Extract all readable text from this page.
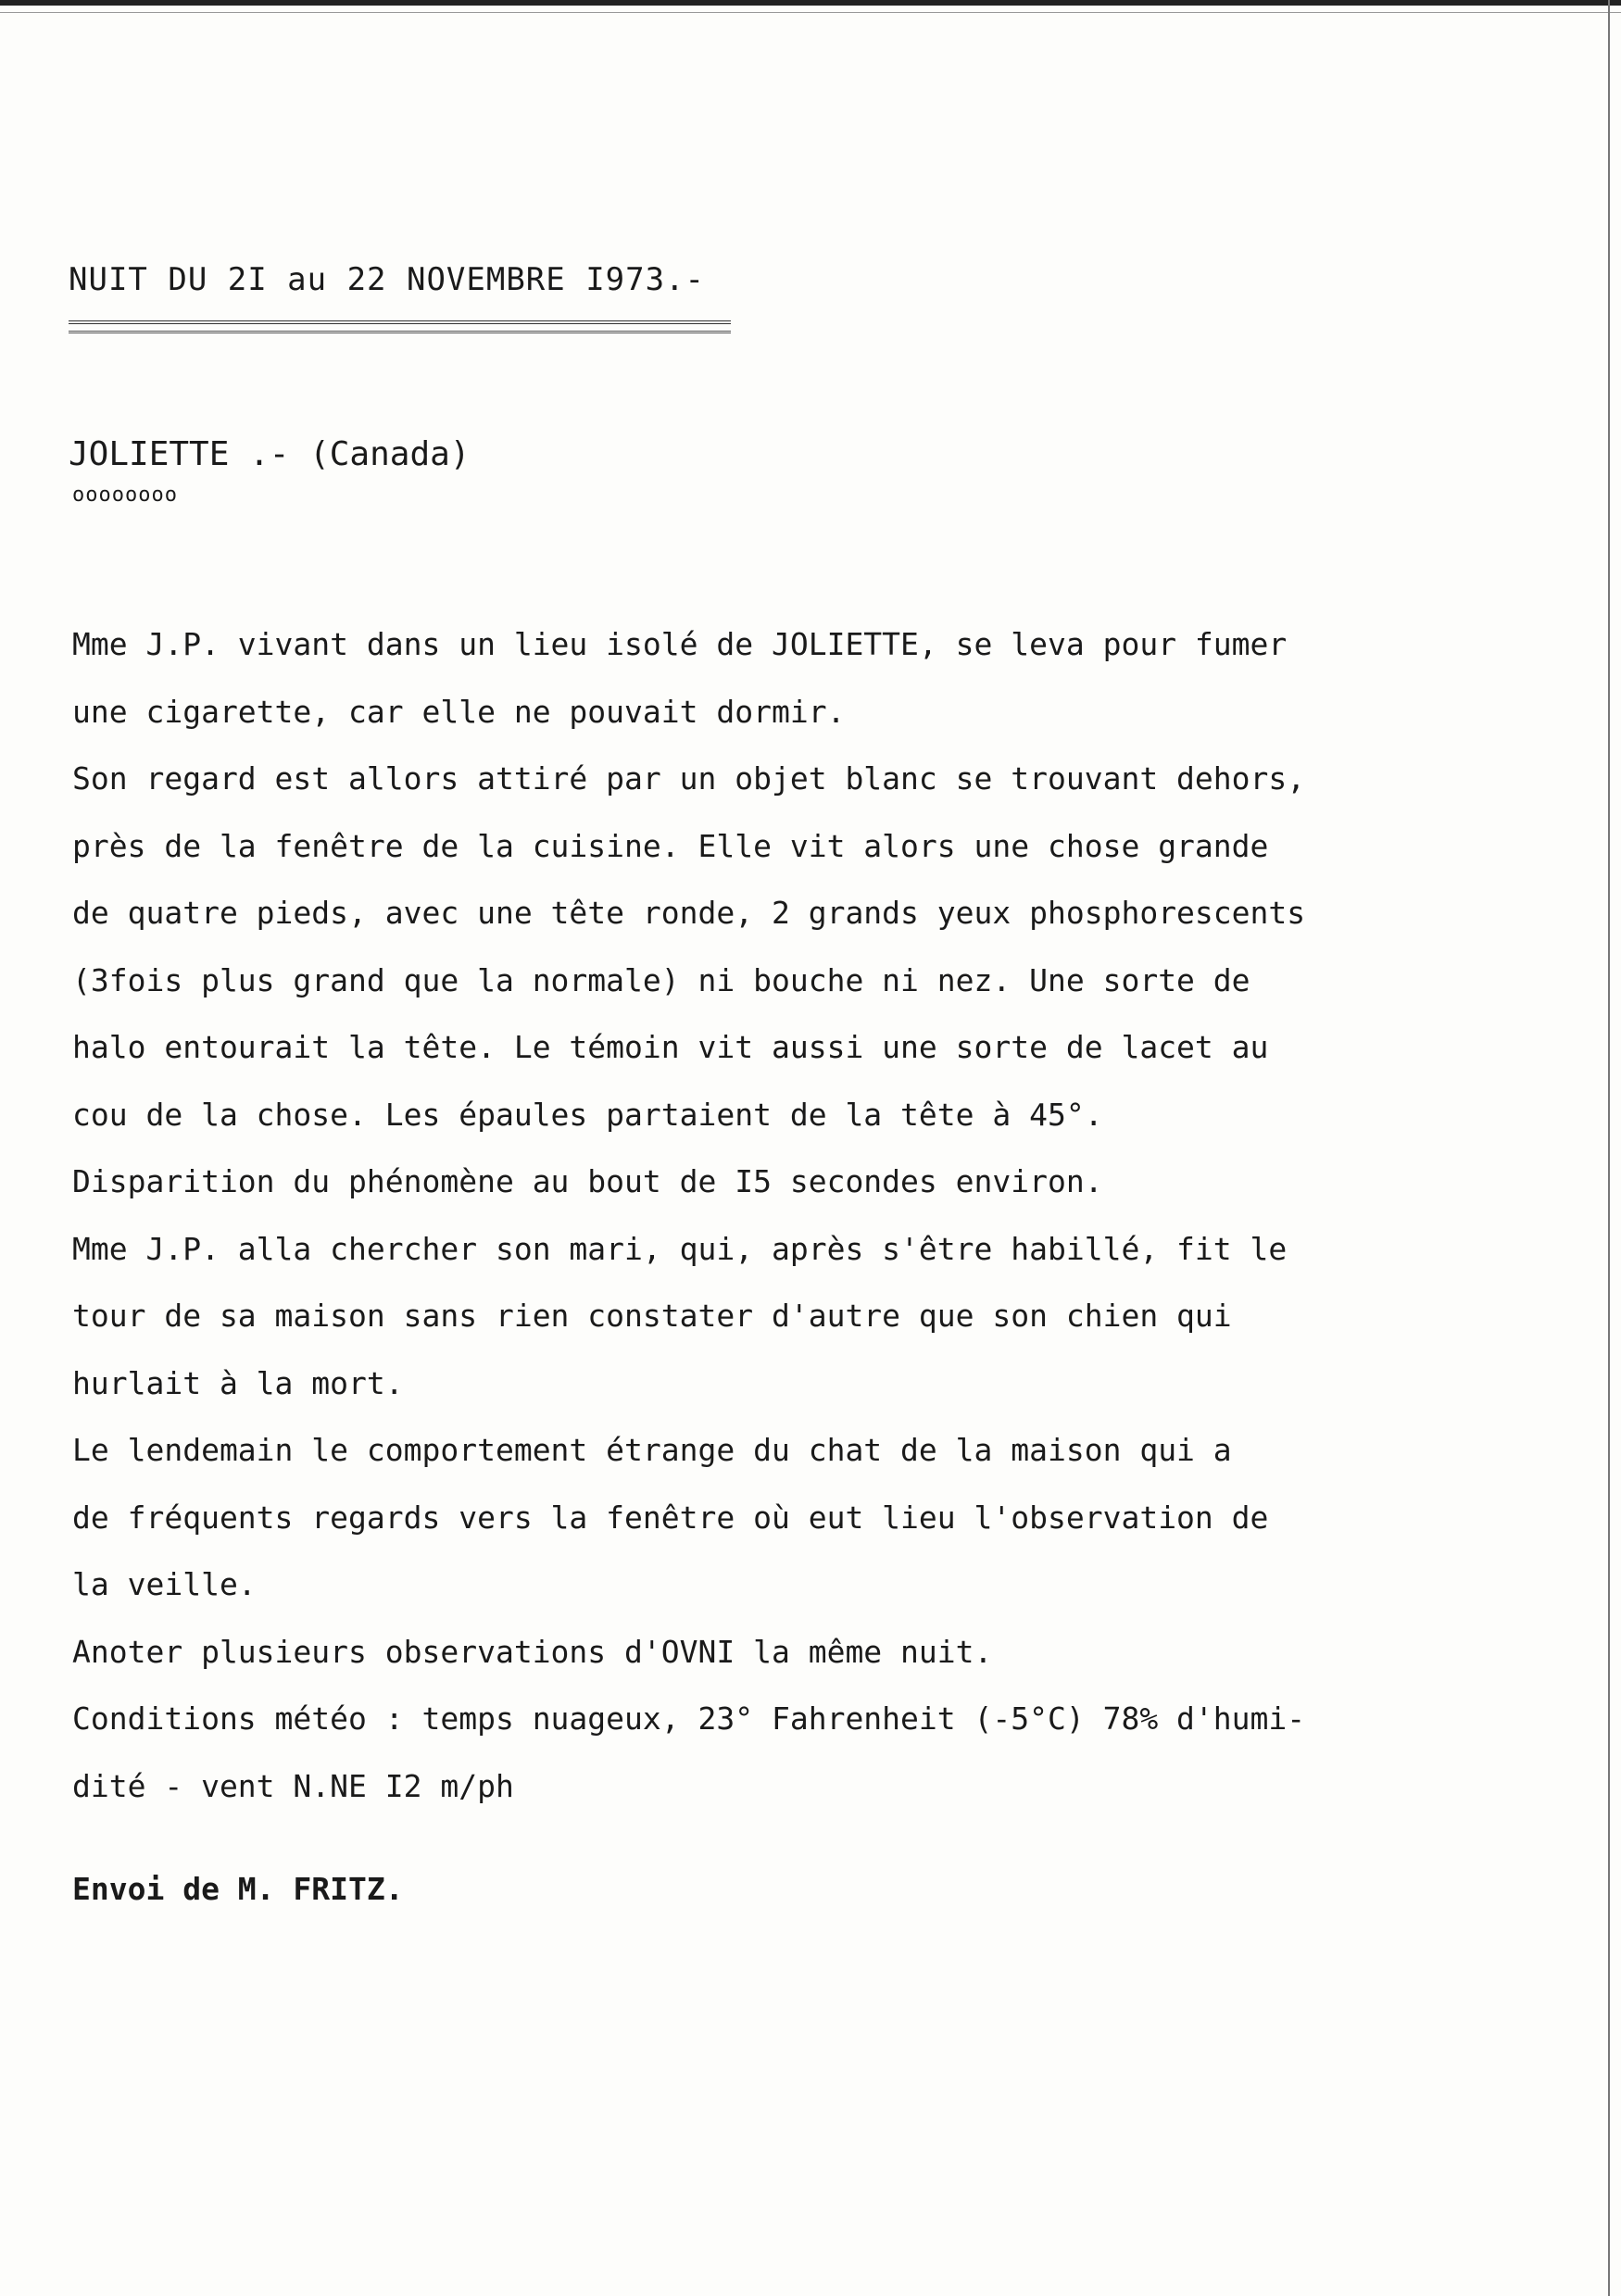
NUIT DU 2I au 22 NOVEMBRE I973.-
JOLIETTE .- (Canada)
oooooooo
Mme J.P. vivant dans un lieu isolé de JOLIETTE, se leva pour fumer
une cigarette, car elle ne pouvait dormir.
Son regard est allors attiré par un objet blanc se trouvant dehors,
près de la fenêtre de la cuisine. Elle vit alors une chose grande
de quatre pieds, avec une tête ronde, 2 grands yeux phosphorescents
(3fois plus grand que la normale) ni bouche ni nez. Une sorte de
halo entourait la tête. Le témoin vit aussi une sorte de lacet au
cou de la chose. Les épaules partaient de la tête à 45°.
Disparition du phénomène au bout de I5 secondes environ.
Mme J.P. alla chercher son mari, qui, après s'être habillé, fit le
tour de sa maison sans rien constater d'autre que son chien qui
hurlait à la mort.
Le lendemain le comportement étrange du chat de la maison qui a
de fréquents regards vers la fenêtre où eut lieu l'observation de
la veille.
Anoter plusieurs observations d'OVNI la même nuit.
Conditions météo : temps nuageux, 23° Fahrenheit (-5°C) 78% d'humi-
dité - vent N.NE I2 m/ph
Envoi de M. FRITZ.
